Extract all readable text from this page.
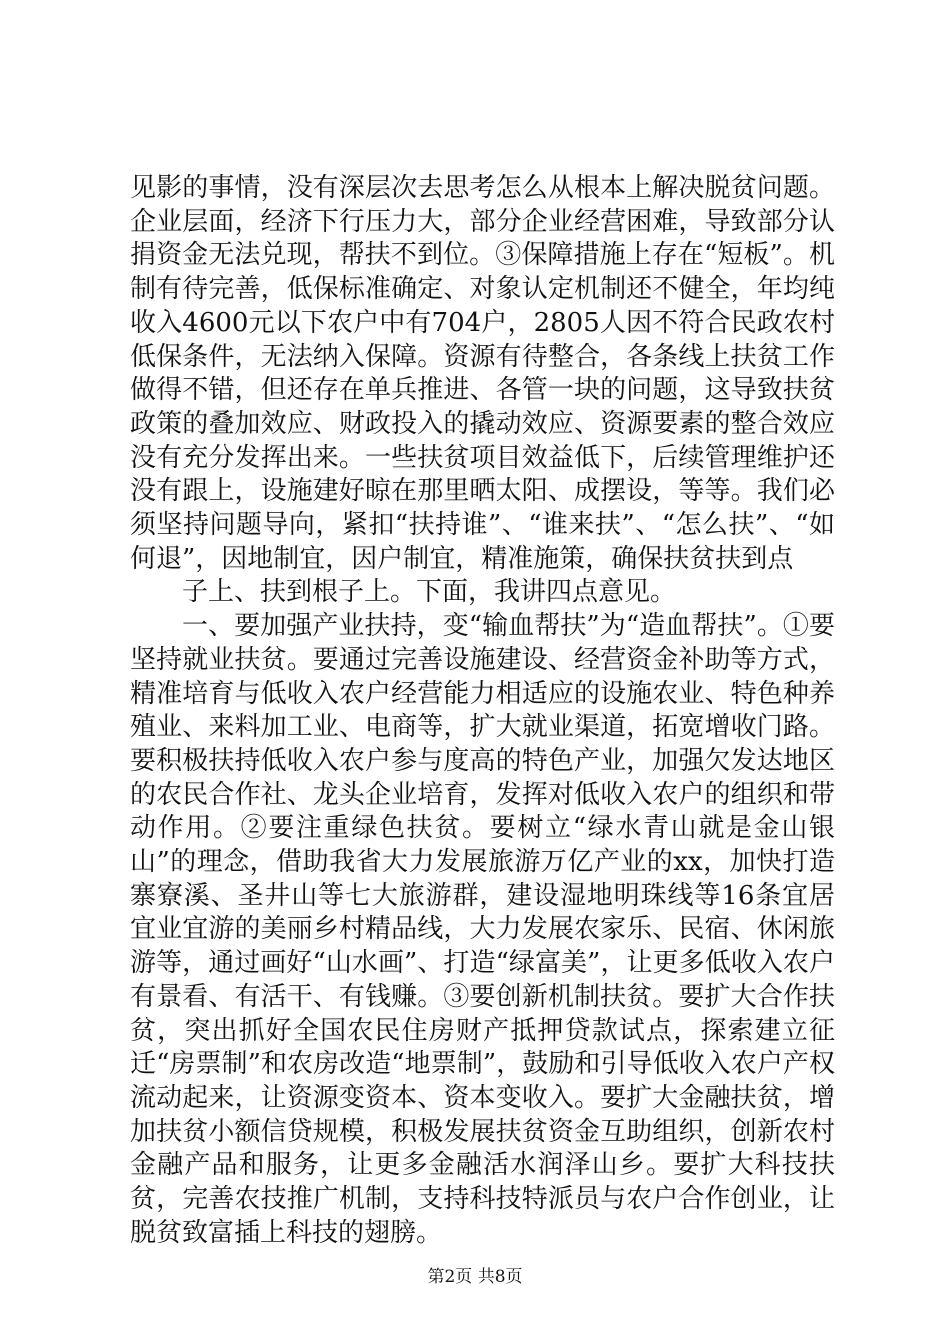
见影的事情，没有深层次去思考怎么从根本上解决脱贫问题。企业层面，经济下行压力大，部分企业经营困难，导致部分认捐资金无法兑现，帮扶不到位。③保障措施上存在“短板”。机制有待完善，低保标准确定、对象认定机制还不健全，年均纯收入4600元以下农户中有704户，2805人因不符合民政农村低保条件，无法纳入保障。资源有待整合，各条线上扶贫工作做得不错，但还存在单兵推进、各管一块的问题，这导致扶贫政策的叠加效应、财政投入的撬动效应、资源要素的整合效应没有充分发挥出来。一些扶贫项目效益低下，后续管理维护还没有跟上，设施建好晾在那里晒太阳、成摆设，等等。我们必须坚持问题导向，紧扣“扶持谁”、“谁来扶”、“怎么扶”、“如何退”，因地制宜，因户制宜，精准施策，确保扶贫扶到点

子上、扶到根子上。下面，我讲四点意见。

一、要加强产业扶持，变“输血帮扶”为“造血帮扶”。①要坚持就业扶贫。要通过完善设施建设、经营资金补助等方式，精准培育与低收入农户经营能力相适应的设施农业、特色种养殖业、来料加工业、电商等，扩大就业渠道，拓宽增收门路。要积极扶持低收入农户参与度高的特色产业，加强欠发达地区的农民合作社、龙头企业培育，发挥对低收入农户的组织和带动作用。②要注重绿色扶贫。要树立“绿水青山就是金山银山”的理念，借助我省大力发展旅游万亿产业的xx，加快打造寨寮溪、圣井山等七大旅游群，建设湿地明珠线等16条宜居宜业宜游的美丽乡村精品线，大力发展农家乐、民宿、休闲旅游等，通过画好“山水画”、打造“绿富美”，让更多低收入农户有景看、有活干、有钱赚。③要创新机制扶贫。要扩大合作扶贫，突出抓好全国农民住房财产抵押贷款试点，探索建立征迁“房票制”和农房改造“地票制”，鼓励和引导低收入农户产权流动起来，让资源变资本、资本变收入。要扩大金融扶贫，增加扶贫小额信贷规模，积极发展扶贫资金互助组织，创新农村金融产品和服务，让更多金融活水润泽山乡。要扩大科技扶贫，完善农技推广机制，支持科技特派员与农户合作创业，让脱贫致富插上科技的翅膀。

第2页 共8页
